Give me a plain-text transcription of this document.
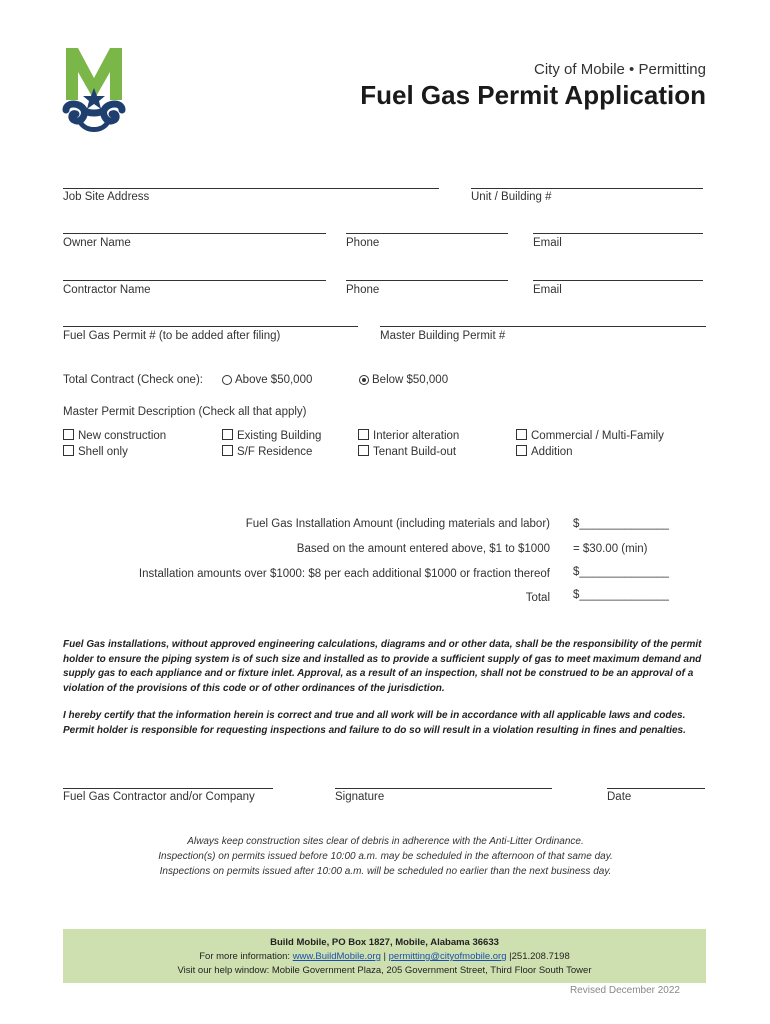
City of Mobile • Permitting
Fuel Gas Permit Application
Job Site Address	Unit / Building #
Owner Name	Phone	Email
Contractor Name	Phone	Email
Fuel Gas Permit # (to be added after filing)	Master Building Permit #
Total Contract (Check one):	Above $50,000	Below $50,000
Master Permit Description (Check all that apply)
New construction
Shell only
Existing Building
S/F Residence
Interior alteration
Tenant Build-out
Commercial / Multi-Family
Addition
Fuel Gas Installation Amount (including materials and labor) $______________
Based on the amount entered above, $1 to $1000 = $30.00 (min)
Installation amounts over $1000: $8 per each additional $1000 or fraction thereof $______________
Total $______________
Fuel Gas installations, without approved engineering calculations, diagrams and or other data, shall be the responsibility of the permit holder to ensure the piping system is of such size and installed as to provide a sufficient supply of gas to meet maximum demand and supply gas to each appliance and or fixture inlet. Approval, as a result of an inspection, shall not be construed to be an approval of a violation of the provisions of this code or of other ordinances of the jurisdiction.
I hereby certify that the information herein is correct and true and all work will be in accordance with all applicable laws and codes. Permit holder is responsible for requesting inspections and failure to do so will result in a violation resulting in fines and penalties.
Fuel Gas Contractor and/or Company	Signature	Date
Always keep construction sites clear of debris in adherence with the Anti-Litter Ordinance.
Inspection(s) on permits issued before 10:00 a.m. may be scheduled in the afternoon of that same day.
Inspections on permits issued after 10:00 a.m. will be scheduled no earlier than the next business day.
Build Mobile, PO Box 1827, Mobile, Alabama 36633
For more information: www.BuildMobile.org | permitting@cityofmobile.org |251.208.7198
Visit our help window: Mobile Government Plaza, 205 Government Street, Third Floor South Tower
Revised December 2022
